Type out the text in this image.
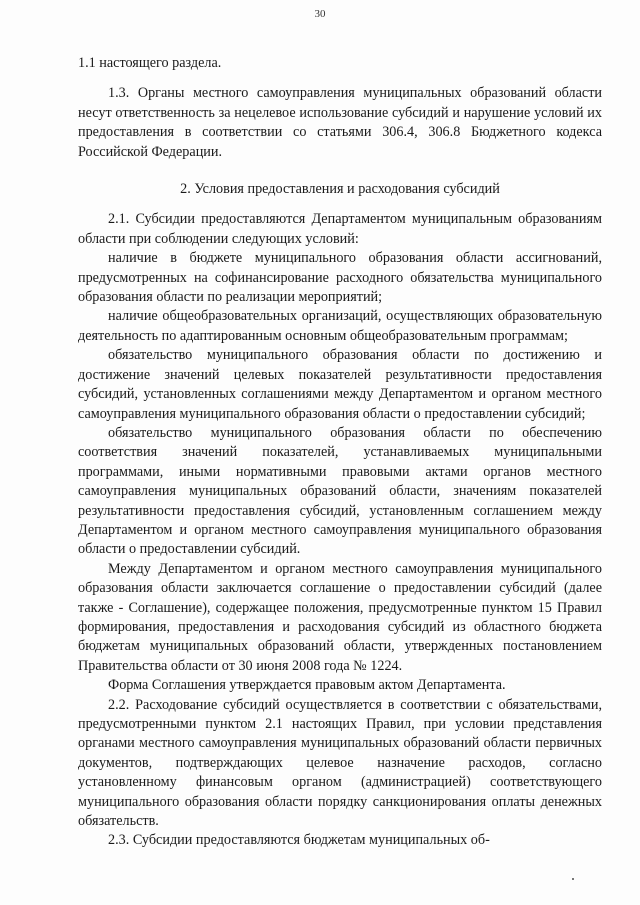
30

1.1 настоящего раздела.

1.3. Органы местного самоуправления муниципальных образований области несут ответственность за нецелевое использование субсидий и нарушение условий их предоставления в соответствии со статьями 306.4, 306.8 Бюджетного кодекса Российской Федерации.

2. Условия предоставления и расходования субсидий

2.1. Субсидии предоставляются Департаментом муниципальным образованиям области при соблюдении следующих условий:

наличие в бюджете муниципального образования области ассигнований, предусмотренных на софинансирование расходного обязательства муниципального образования области по реализации мероприятий;

наличие общеобразовательных организаций, осуществляющих образовательную деятельность по адаптированным основным общеобразовательным программам;

обязательство муниципального образования области по достижению и достижение значений целевых показателей результативности предоставления субсидий, установленных соглашениями между Департаментом и органом местного самоуправления муниципального образования области о предоставлении субсидий;

обязательство муниципального образования области по обеспечению соответствия значений показателей, устанавливаемых муниципальными программами, иными нормативными правовыми актами органов местного самоуправления муниципальных образований области, значениям показателей результативности предоставления субсидий, установленным соглашением между Департаментом и органом местного самоуправления муниципального образования области о предоставлении субсидий.

Между Департаментом и органом местного самоуправления муниципального образования области заключается соглашение о предоставлении субсидий (далее также - Соглашение), содержащее положения, предусмотренные пунктом 15 Правил формирования, предоставления и расходования субсидий из областного бюджета бюджетам муниципальных образований области, утвержденных постановлением Правительства области от 30 июня 2008 года № 1224.

Форма Соглашения утверждается правовым актом Департамента.

2.2. Расходование субсидий осуществляется в соответствии с обязательствами, предусмотренными пунктом 2.1 настоящих Правил, при условии представления органами местного самоуправления муниципальных образований области первичных документов, подтверждающих целевое назначение расходов, согласно установленному финансовым органом (администрацией) соответствующего муниципального образования области порядку санкционирования оплаты денежных обязательств.

2.3. Субсидии предоставляются бюджетам муниципальных об-
